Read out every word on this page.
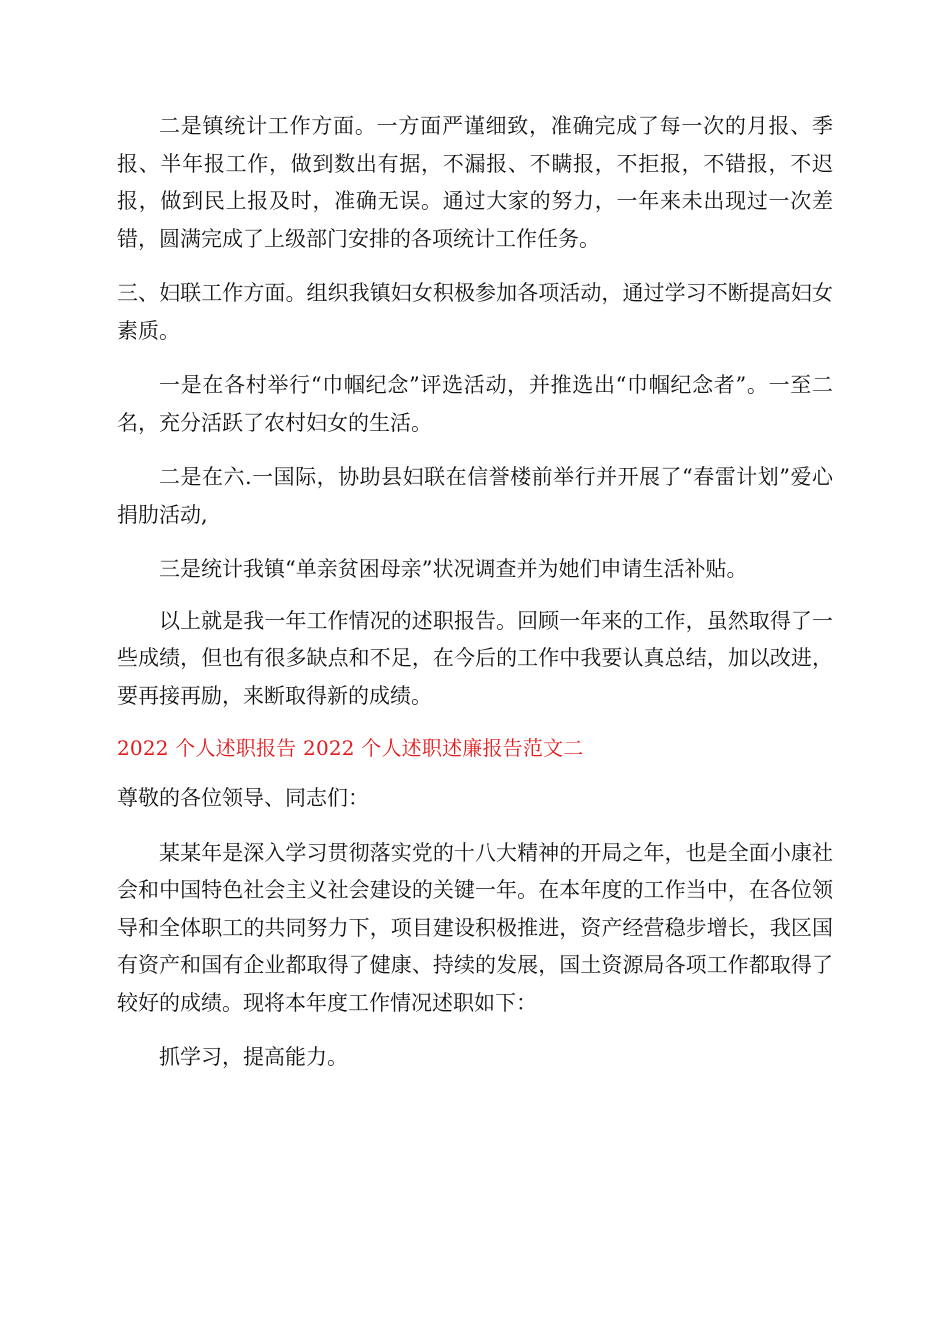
二是镇统计工作方面。一方面严谨细致，准确完成了每一次的月报、季报、半年报工作，做到数出有据，不漏报、不瞒报，不拒报，不错报，不迟报，做到民上报及时，准确无误。通过大家的努力，一年来未出现过一次差错，圆满完成了上级部门安排的各项统计工作任务。

三、妇联工作方面。组织我镇妇女积极参加各项活动，通过学习不断提高妇女素质。

一是在各村举行“巾帼纪念”评选活动，并推选出“巾帼纪念者”。一至二名，充分活跃了农村妇女的生活。

二是在六.一国际，协助县妇联在信誉楼前举行并开展了“春雷计划”爱心捐肋活动,

三是统计我镇“单亲贫困母亲”状况调查并为她们申请生活补贴。

以上就是我一年工作情况的述职报告。回顾一年来的工作，虽然取得了一些成绩，但也有很多缺点和不足，在今后的工作中我要认真总结，加以改进，要再接再励，来断取得新的成绩。

2022 个人述职报告 2022 个人述职述廉报告范文二

尊敬的各位领导、同志们：

某某年是深入学习贯彻落实党的十八大精神的开局之年，也是全面小康社会和中国特色社会主义社会建设的关键一年。在本年度的工作当中，在各位领导和全体职工的共同努力下，项目建设积极推进，资产经营稳步增长，我区国有资产和国有企业都取得了健康、持续的发展，国土资源局各项工作都取得了较好的成绩。现将本年度工作情况述职如下：

抓学习，提高能力。
